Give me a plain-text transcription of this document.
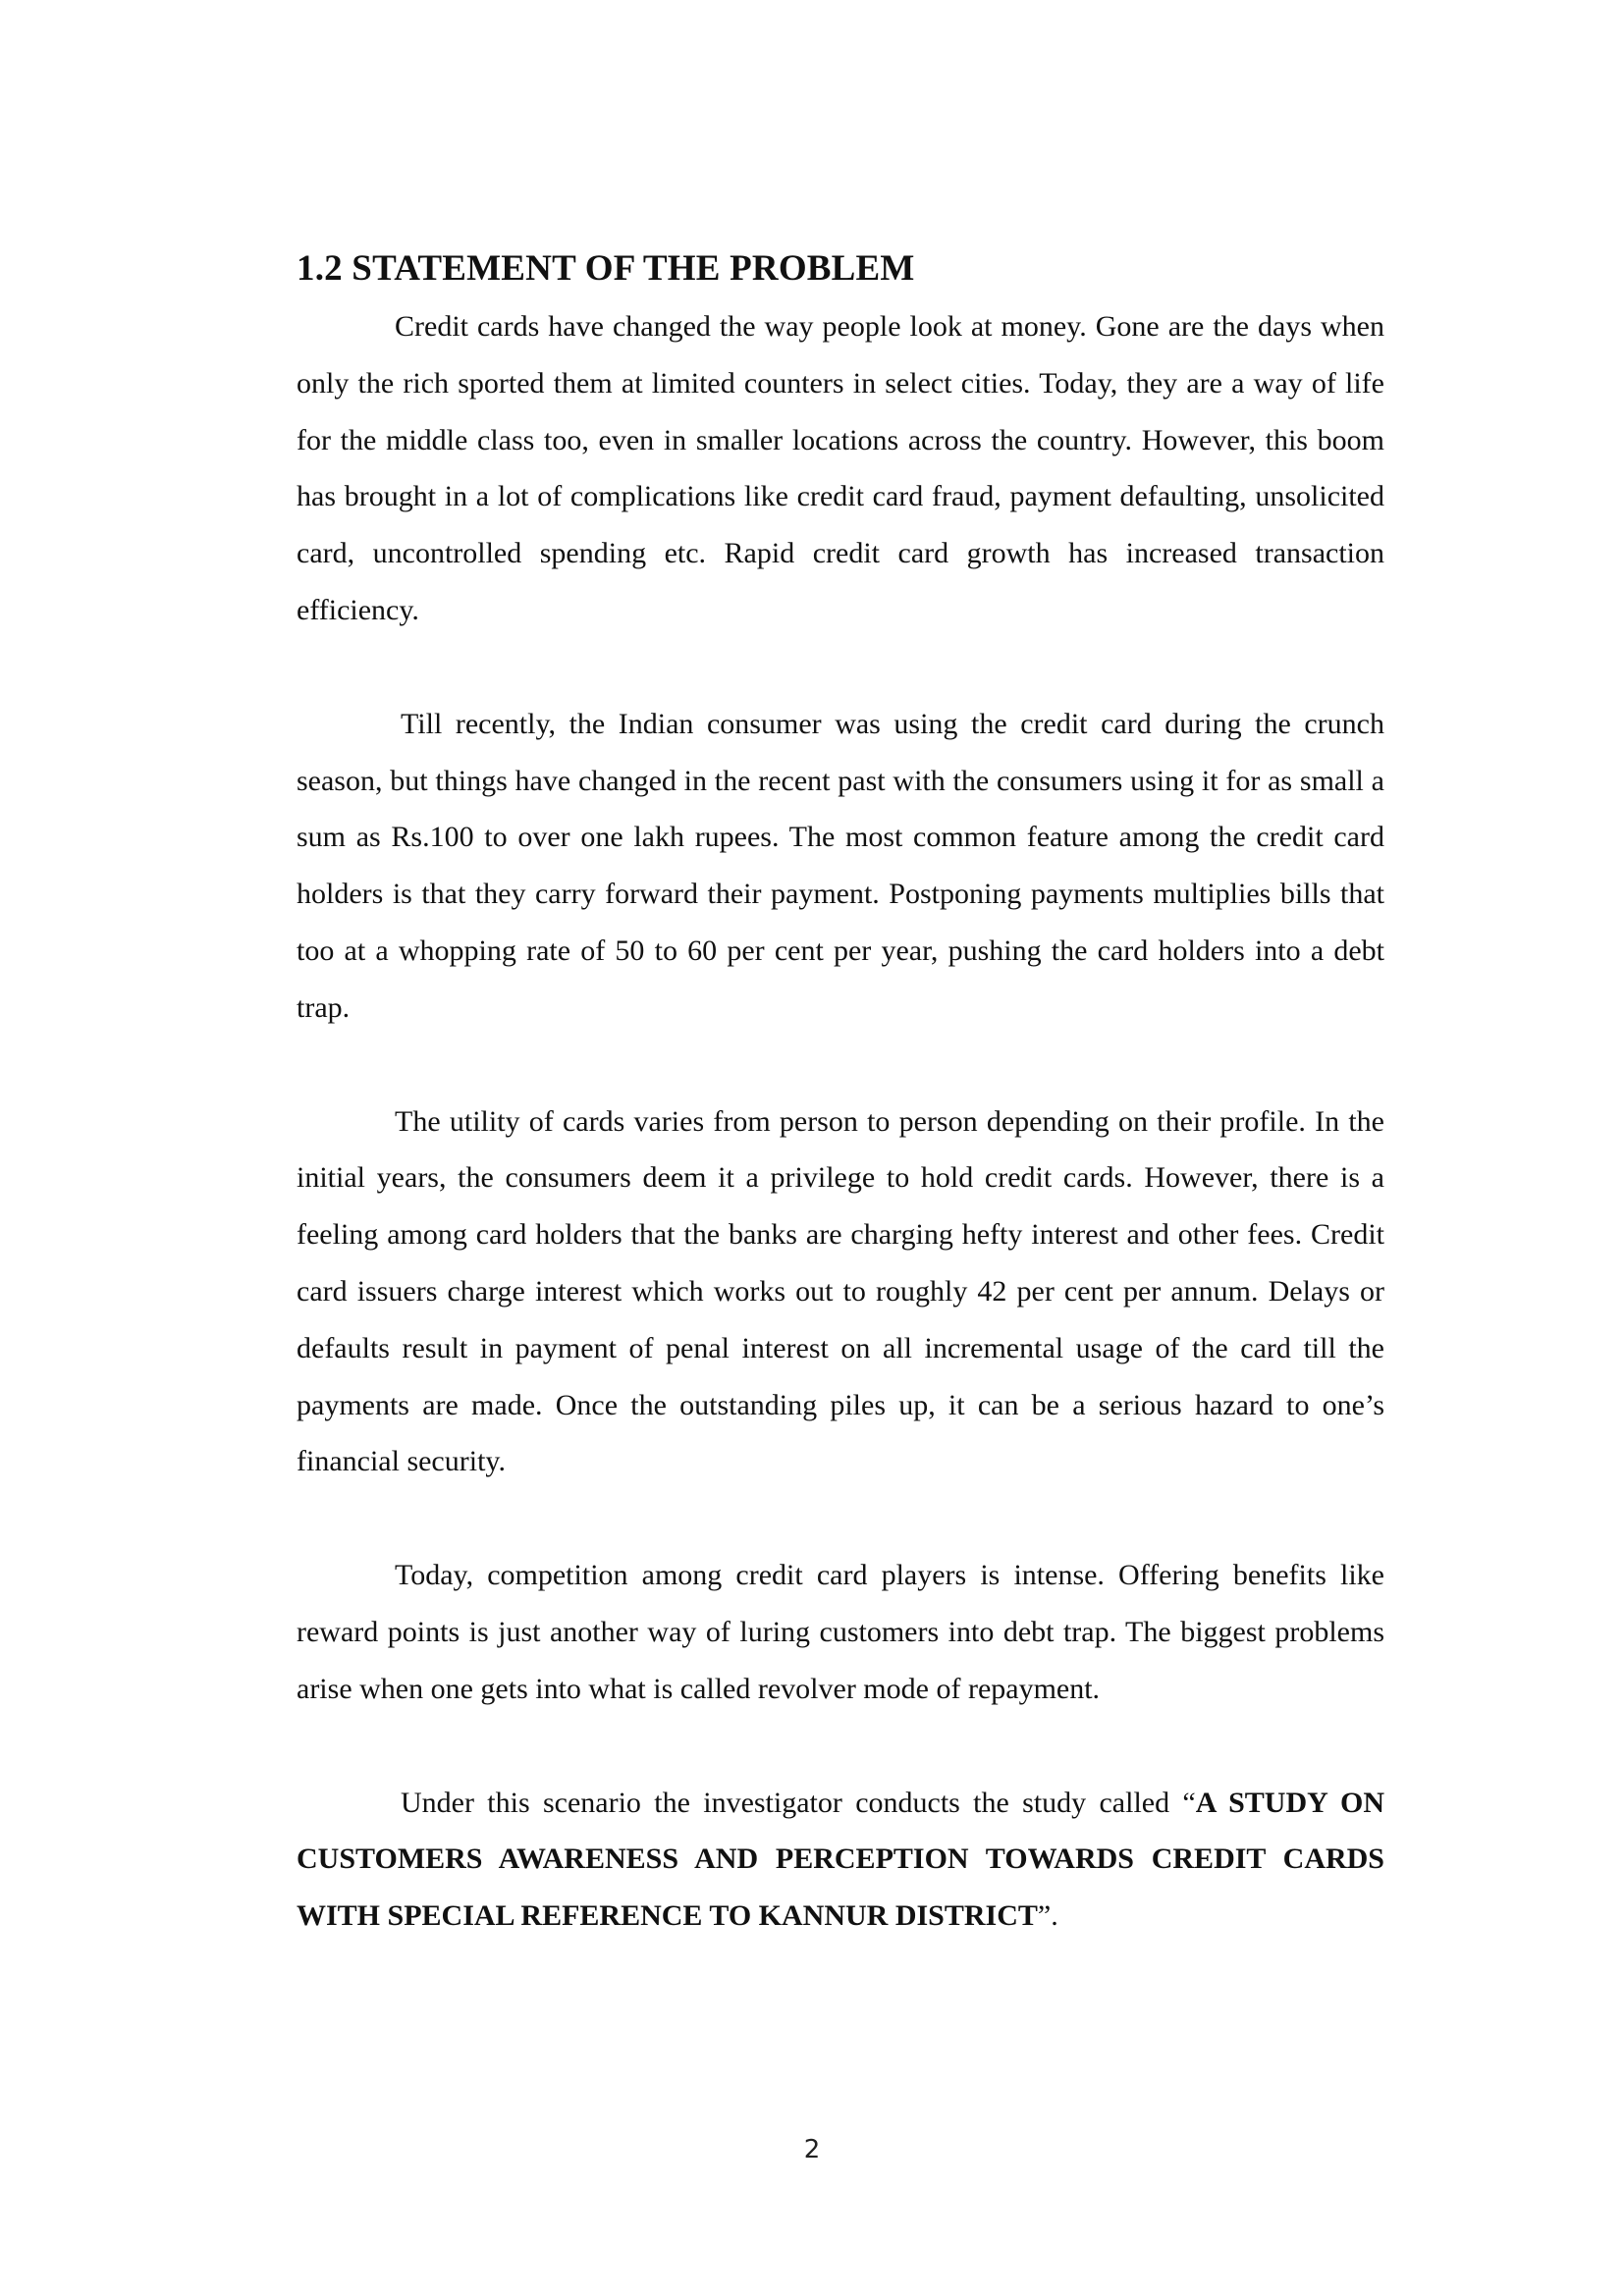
1.2 STATEMENT OF THE PROBLEM

Credit cards have changed the way people look at money. Gone are the days when only the rich sported them at limited counters in select cities. Today, they are a way of life for the middle class too, even in smaller locations across the country. However, this boom has brought in a lot of complications like credit card fraud, payment defaulting, unsolicited card, uncontrolled spending etc. Rapid credit card growth has increased transaction efficiency.

Till recently, the Indian consumer was using the credit card during the crunch season, but things have changed in the recent past with the consumers using it for as small a sum as Rs.100 to over one lakh rupees. The most common feature among the credit card holders is that they carry forward their payment. Postponing payments multiplies bills that too at a whopping rate of 50 to 60 per cent per year, pushing the card holders into a debt trap.

The utility of cards varies from person to person depending on their profile. In the initial years, the consumers deem it a privilege to hold credit cards. However, there is a feeling among card holders that the banks are charging hefty interest and other fees. Credit card issuers charge interest which works out to roughly 42 per cent per annum. Delays or defaults result in payment of penal interest on all incremental usage of the card till the payments are made. Once the outstanding piles up, it can be a serious hazard to one’s financial security.

Today, competition among credit card players is intense. Offering benefits like reward points is just another way of luring customers into debt trap. The biggest problems arise when one gets into what is called revolver mode of repayment.

Under this scenario the investigator conducts the study called “A STUDY ON CUSTOMERS AWARENESS AND PERCEPTION TOWARDS CREDIT CARDS WITH SPECIAL REFERENCE TO KANNUR DISTRICT”.

2
